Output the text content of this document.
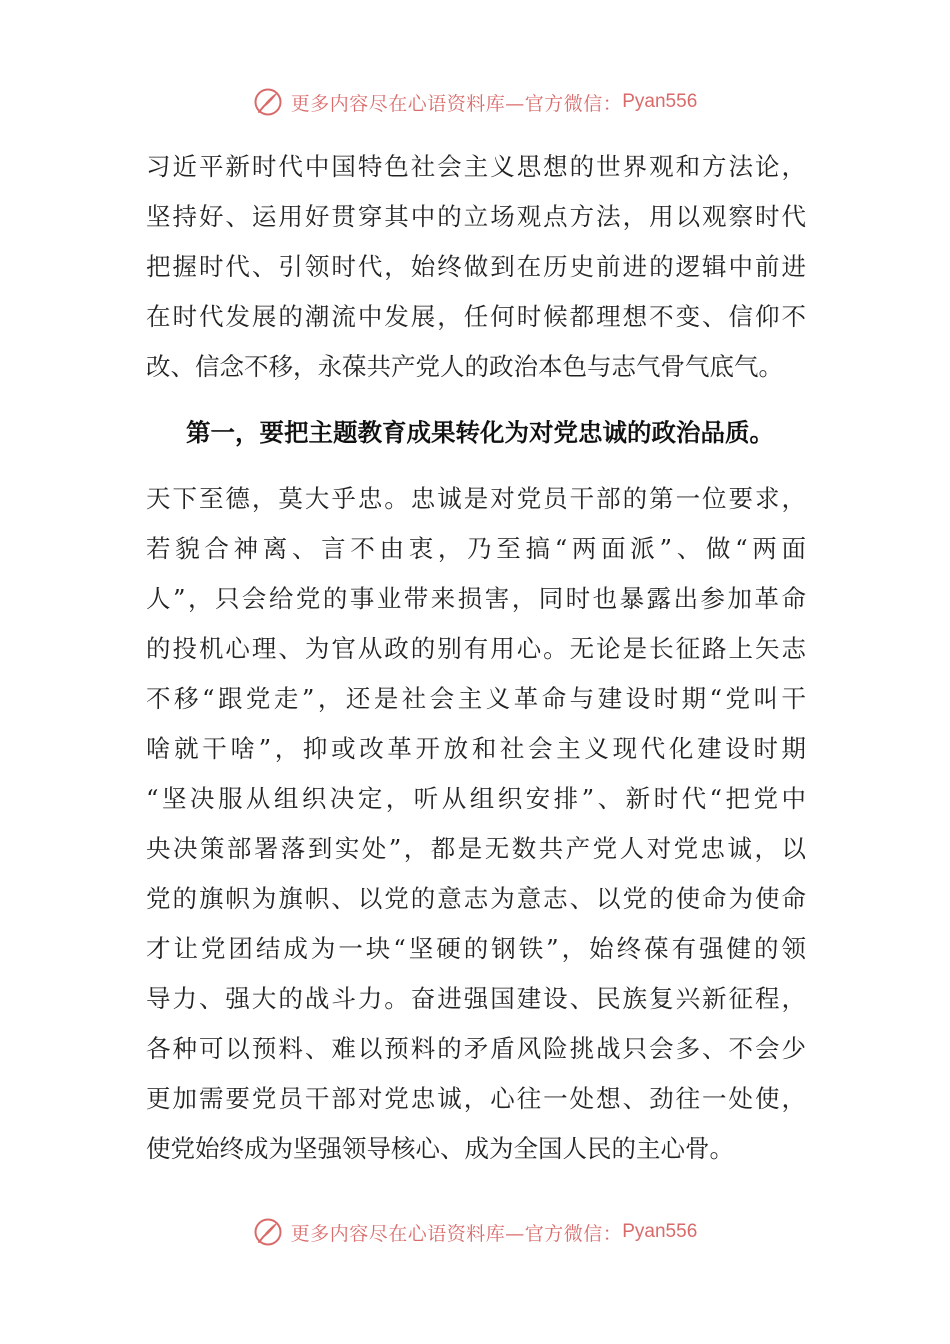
更多内容尽在心语资料库—官方微信： Pyan556
习近平新时代中国特色社会主义思想的世界观和方法论，
坚持好、运用好贯穿其中的立场观点方法，用以观察时代
把握时代、引领时代，始终做到在历史前进的逻辑中前进
在时代发展的潮流中发展，任何时候都理想不变、信仰不
改、信念不移，永葆共产党人的政治本色与志气骨气底气。
第一，要把主题教育成果转化为对党忠诚的政治品质。
天下至德，莫大乎忠。忠诚是对党员干部的第一位要求，
若貌合神离、言不由衷，乃至搞“两面派”、做“两面
人”，只会给党的事业带来损害，同时也暴露出参加革命
的投机心理、为官从政的别有用心。无论是长征路上矢志
不移“跟党走”，还是社会主义革命与建设时期“党叫干
啥就干啥”，抑或改革开放和社会主义现代化建设时期
“坚决服从组织决定，听从组织安排”、新时代“把党中
央决策部署落到实处”，都是无数共产党人对党忠诚，以
党的旗帜为旗帜、以党的意志为意志、以党的使命为使命
才让党团结成为一块“坚硬的钢铁”，始终葆有强健的领
导力、强大的战斗力。奋进强国建设、民族复兴新征程，
各种可以预料、难以预料的矛盾风险挑战只会多、不会少
更加需要党员干部对党忠诚，心往一处想、劲往一处使，
使党始终成为坚强领导核心、成为全国人民的主心骨。
更多内容尽在心语资料库—官方微信： Pyan556
